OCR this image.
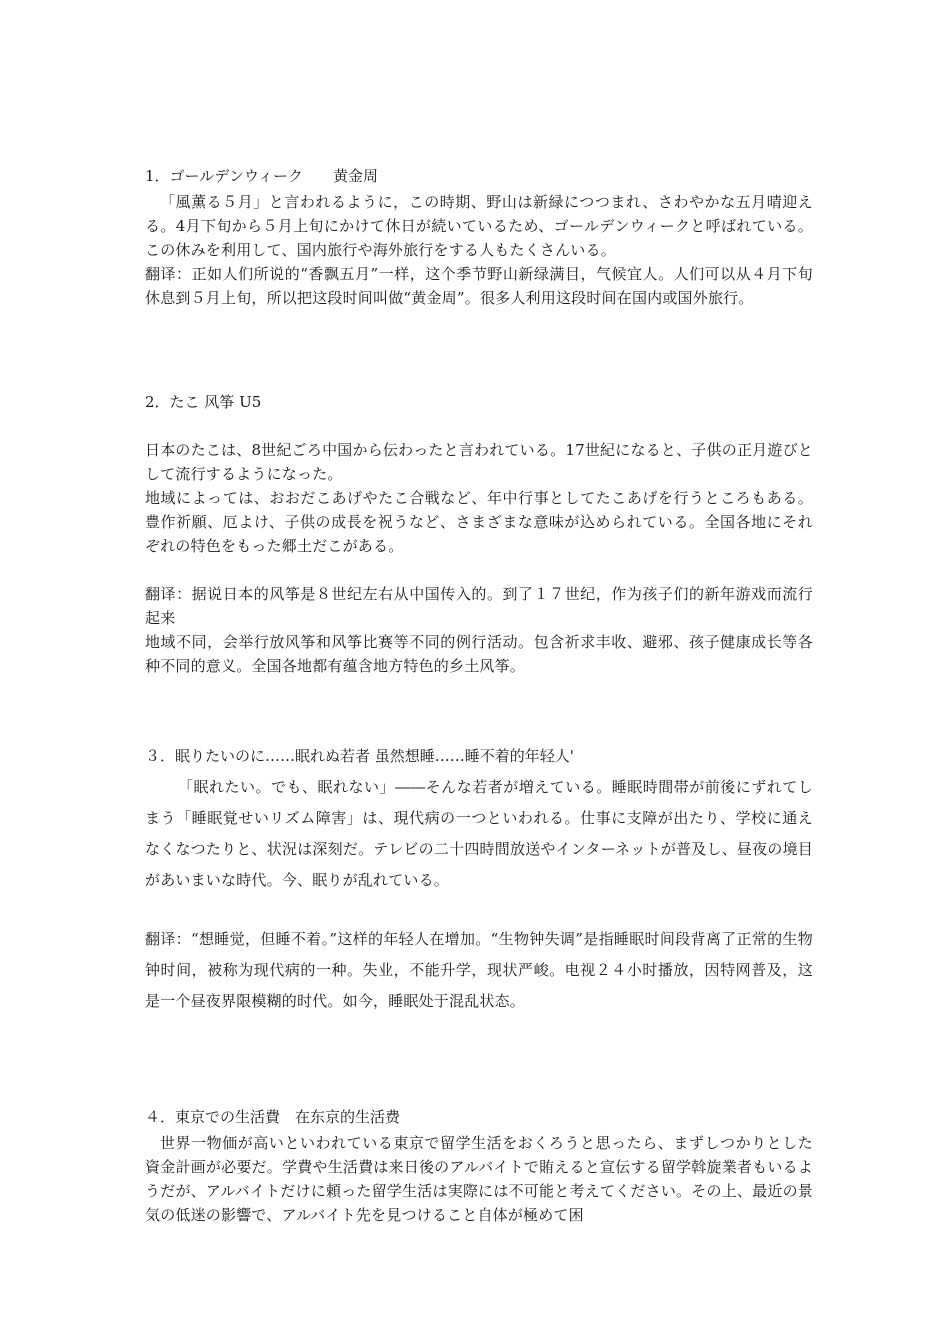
1．ゴールデンウィーク　　黄金周

「風薫る５月」と言われるように，この時期、野山は新緑につつまれ、さわやかな五月晴迎える。4月下旬から５月上旬にかけて休日が続いているため、ゴールデンウィークと呼ばれている。この休みを利用して、国内旅行や海外旅行をする人もたくさんいる。

翻译：正如人们所说的“香飘五月”一样，这个季节野山新绿满目，气候宜人。人们可以从４月下旬休息到５月上旬，所以把这段时间叫做“黄金周”。很多人利用这段时间在国内或国外旅行。

2．たこ 风筝 U5

日本のたこは、8世紀ごろ中国から伝わったと言われている。17世紀になると、子供の正月遊びとして流行するようになった。

地域によっては、おおだこあげやたこ合戦など、年中行事としてたこあげを行うところもある。豊作祈願、厄よけ、子供の成長を祝うなど、さまざまな意味が込められている。全国各地にそれぞれの特色をもった郷土だこがある。

翻译：据说日本的风筝是８世纪左右从中国传入的。到了１７世纪，作为孩子们的新年游戏而流行起来

地域不同，会举行放风筝和风筝比赛等不同的例行活动。包含祈求丰收、避邪、孩子健康成长等各种不同的意义。全国各地都有蕴含地方特色的乡土风筝。

３．眠りたいのに……眠れぬ若者 虽然想睡……睡不着的年轻人'

「眠れたい。でも、眠れない」――そんな若者が増えている。睡眠時間帯が前後にずれてしまう「睡眠覚せいリズム障害」は、現代病の一つといわれる。仕事に支障が出たり、学校に通えなくなつたりと、状況は深刻だ。テレビの二十四時間放送やインターネットが普及し、昼夜の境目があいまいな時代。今、眠りが乱れている。

翻译：“想睡觉，但睡不着。”这样的年轻人在增加。“生物钟失调”是指睡眠时间段背离了正常的生物钟时间，被称为现代病的一种。失业，不能升学，现状严峻。电视２４小时播放，因特网普及，这是一个昼夜界限模糊的时代。如今，睡眠处于混乱状态。

４．東京での生活費　在东京的生活费

世界一物価が高いといわれている東京で留学生活をおくろうと思ったら、まずしつかりとした資金計画が必要だ。学費や生活費は来日後のアルバイトで賄えると宣伝する留学斡旋業者もいるようだが、アルバイトだけに頼った留学生活は実際には不可能と考えてください。その上、最近の景気の低迷の影響で、アルバイト先を見つけること自体が極めて困
